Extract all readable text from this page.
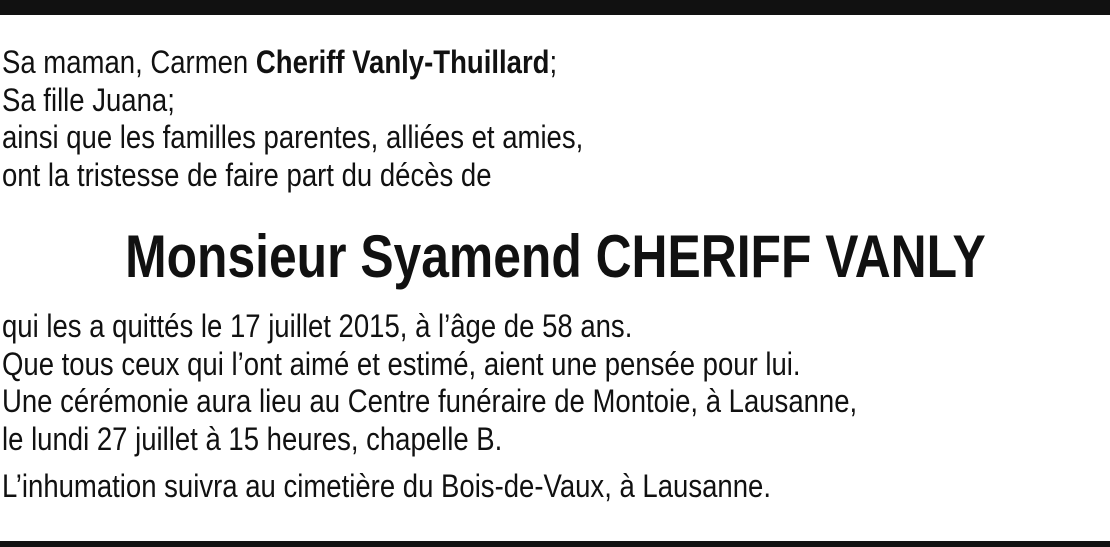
Sa maman, Carmen Cheriff Vanly-Thuillard;
Sa fille Juana;
ainsi que les familles parentes, alliées et amies,
ont la tristesse de faire part du décès de
Monsieur Syamend CHERIFF VANLY
qui les a quittés le 17 juillet 2015, à l’âge de 58 ans.
Que tous ceux qui l’ont aimé et estimé, aient une pensée pour lui.
Une cérémonie aura lieu au Centre funéraire de Montoie, à Lausanne,
le lundi 27 juillet à 15 heures, chapelle B.
L’inhumation suivra au cimetière du Bois-de-Vaux, à Lausanne.
